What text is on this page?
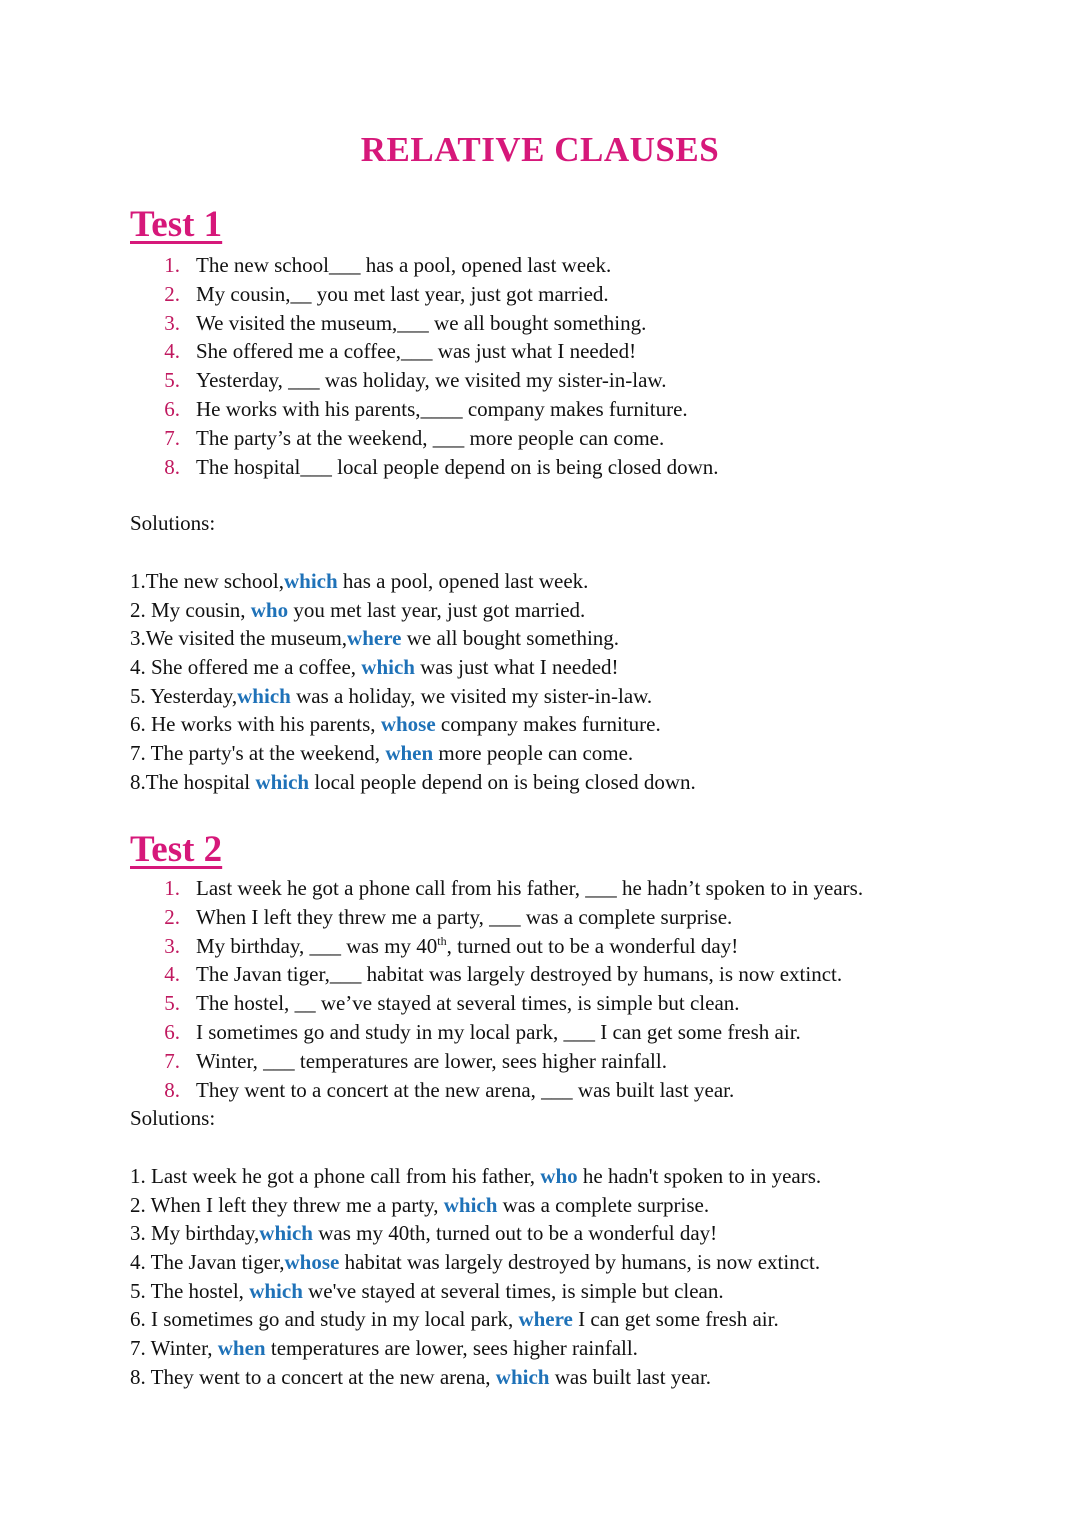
RELATIVE CLAUSES
Test 1
1 . The new school___ has a pool, opened last week.
2 . My cousin,__ you met last year, just got married.
3 . We visited the museum,___ we all bought something.
4 . She offered me a coffee,___ was just what I needed!
5 . Yesterday, ___ was holiday, we visited my sister-in-law.
6 . He works with his parents,____ company makes furniture.
7 . The party’s at the weekend, ___ more people can come.
8 . The hospital___ local people depend on is being closed down.

Solutions:

1.The new school,which has a pool, opened last week.
2. My cousin, who you met last year, just got married.
3.We visited the museum,where we all bought something.
4. She offered me a coffee, which was just what I needed!
5. Yesterday,which was a holiday, we visited my sister-in-law.
6. He works with his parents, whose company makes furniture.
7. The party's at the weekend, when more people can come.
8.The hospital which local people depend on is being closed down.
Test 2
1 . Last week he got a phone call from his father, ___ he hadn’t spoken to in years.
2 . When I left they threw me a party, ___ was a complete surprise.
3 . My birthday, ___ was my 40th, turned out to be a wonderful day!
4 . The Javan tiger,___ habitat was largely destroyed by humans, is now extinct.
5 . The hostel, __ we’ve stayed at several times, is simple but clean.
6 . I sometimes go and study in my local park, ___ I can get some fresh air.
7 . Winter, ___ temperatures are lower, sees higher rainfall.
8 . They went to a concert at the new arena, ___ was built last year.

Solutions:

1. Last week he got a phone call from his father, who he hadn't spoken to in years.
2. When I left they threw me a party, which was a complete surprise.
3. My birthday,which was my 40th, turned out to be a wonderful day!
4. The Javan tiger,whose habitat was largely destroyed by humans, is now extinct.
5. The hostel, which we've stayed at several times, is simple but clean.
6. I sometimes go and study in my local park, where I can get some fresh air.
7. Winter, when temperatures are lower, sees higher rainfall.
8. They went to a concert at the new arena, which was built last year.
